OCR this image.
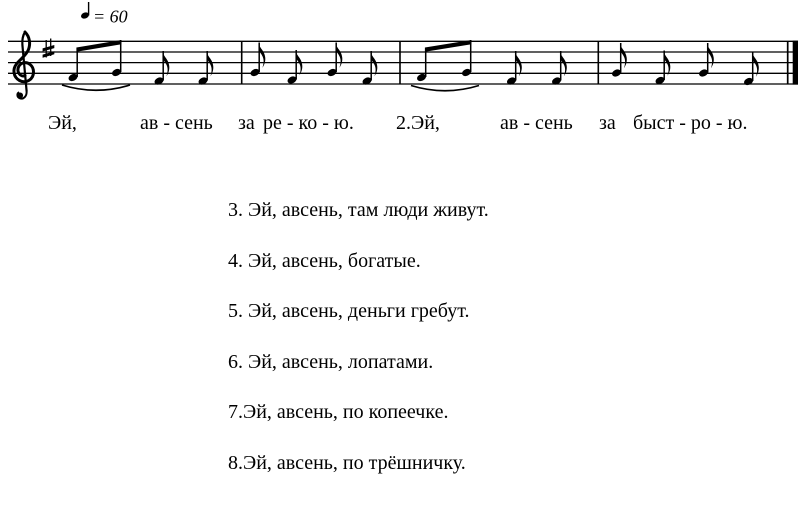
= 60
Эй,	ав - сень за ре - ко - ю. 2.Эй,	ав - сень за быст - ро - ю.
3. Эй, авсень, там люди живут.
4. Эй, авсень, богатые.
5. Эй, авсень, деньги гребут.
6. Эй, авсень, лопатами.
7.Эй, авсень, по копеечке.
8.Эй, авсень, по трёшничку.
